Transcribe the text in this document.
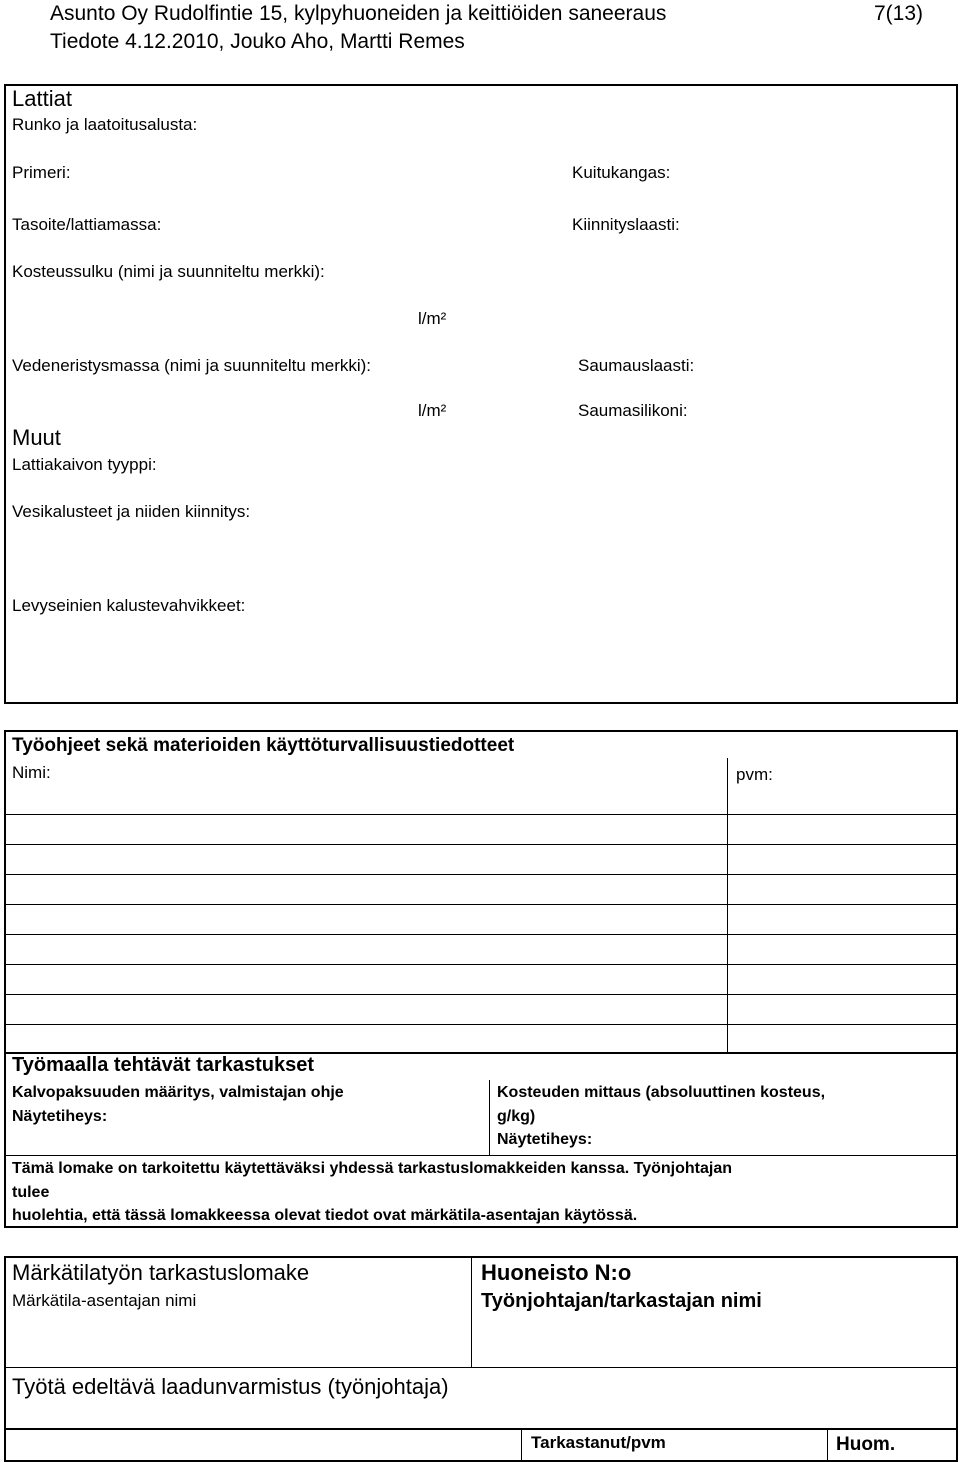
Asunto Oy Rudolfintie 15, kylpyhuoneiden ja keittiöiden saneeraus	7(13)
Tiedote 4.12.2010, Jouko Aho, Martti Remes
Lattiat
Runko ja laatoitusalusta:
Primeri:	Kuitukangas:
Tasoite/lattiamassa:	Kiinnityslaasti:
Kosteussulku (nimi ja suunniteltu merkki):
l/m²
Vedeneristysmassa (nimi ja suunniteltu merkki):	Saumauslaasti:
l/m²	Saumasilikoni:
Muut
Lattiakaivon tyyppi:
Vesikalusteet ja niiden kiinnitys:
Levyseinien kalustevahvikkeet:
Työohjeet sekä materioiden käyttöturvallisuustiedotteet
Nimi:	pvm:
Työmaalla tehtävät tarkastukset
Kalvopaksuuden määritys, valmistajan ohje
Näytetiheys:
Kosteuden mittaus (absoluuttinen kosteus,
g/kg)
Näytetiheys:
Tämä lomake on tarkoitettu käytettäväksi yhdessä tarkastuslomakkeiden kanssa. Työnjohtajan
tulee
huolehtia, että tässä lomakkeessa olevat tiedot ovat märkätila-asentajan käytössä.
Märkätilatyön tarkastuslomake
Märkätila-asentajan nimi
Huoneisto N:o
Työnjohtajan/tarkastajan nimi
Työtä edeltävä laadunvarmistus (työnjohtaja)
Tarkastanut/pvm	Huom.
